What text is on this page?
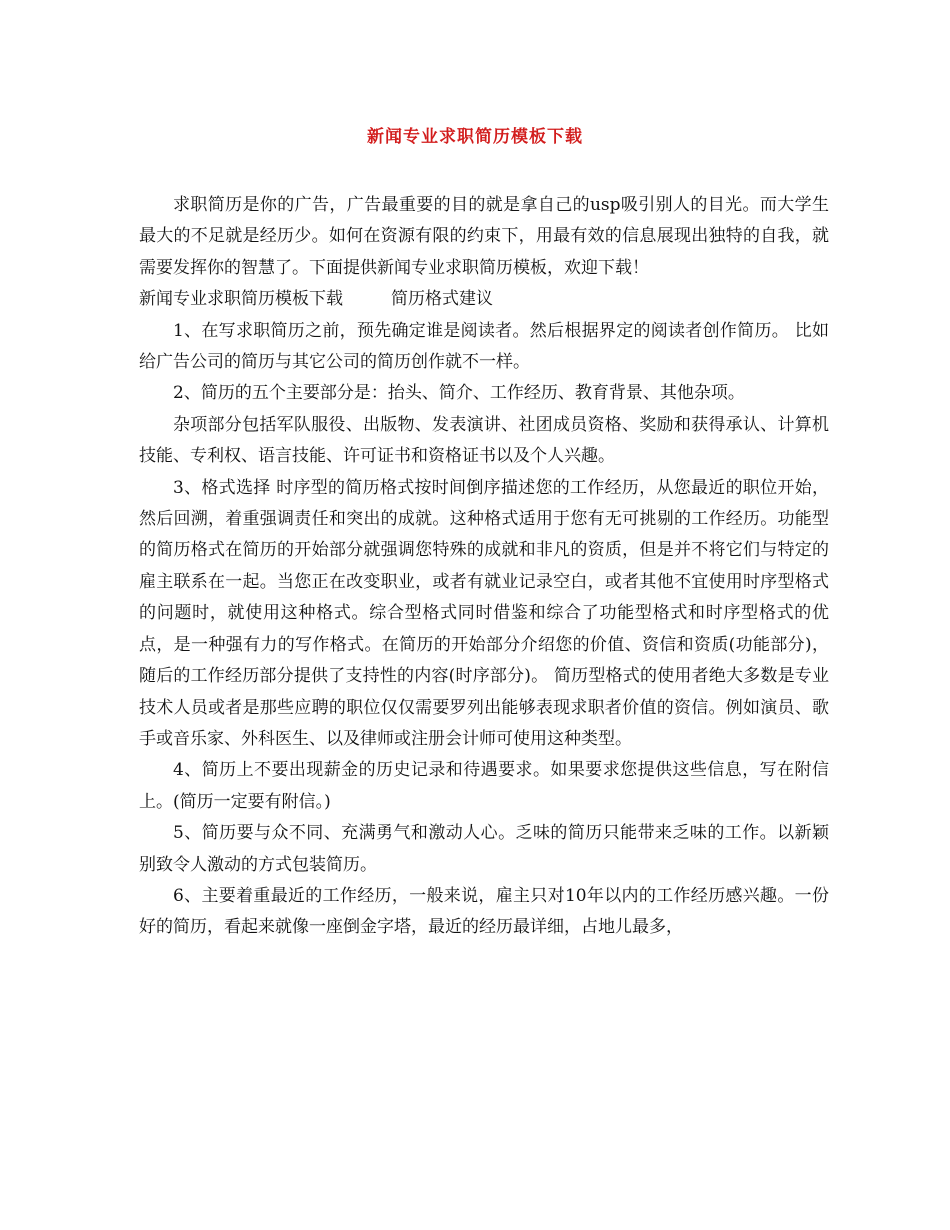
新闻专业求职简历模板下载

求职简历是你的广告，广告最重要的目的就是拿自己的usp吸引别人的目光。而大学生最大的不足就是经历少。如何在资源有限的约束下，用最有效的信息展现出独特的自我，就需要发挥你的智慧了。下面提供新闻专业求职简历模板，欢迎下载！

新闻专业求职简历模板下载	简历格式建议

1、在写求职简历之前，预先确定谁是阅读者。然后根据界定的阅读者创作简历。 比如给广告公司的简历与其它公司的简历创作就不一样。

2、简历的五个主要部分是：抬头、简介、工作经历、教育背景、其他杂项。

杂项部分包括军队服役、出版物、发表演讲、社团成员资格、奖励和获得承认、计算机技能、专利权、语言技能、许可证书和资格证书以及个人兴趣。

3、格式选择 时序型的简历格式按时间倒序描述您的工作经历，从您最近的职位开始，然后回溯，着重强调责任和突出的成就。这种格式适用于您有无可挑剔的工作经历。功能型的简历格式在简历的开始部分就强调您特殊的成就和非凡的资质，但是并不将它们与特定的雇主联系在一起。当您正在改变职业，或者有就业记录空白，或者其他不宜使用时序型格式的问题时，就使用这种格式。综合型格式同时借鉴和综合了功能型格式和时序型格式的优点，是一种强有力的写作格式。在简历的开始部分介绍您的价值、资信和资质(功能部分)，随后的工作经历部分提供了支持性的内容(时序部分)。 简历型格式的使用者绝大多数是专业技术人员或者是那些应聘的职位仅仅需要罗列出能够表现求职者价值的资信。例如演员、歌手或音乐家、外科医生、以及律师或注册会计师可使用这种类型。

4、简历上不要出现薪金的历史记录和待遇要求。如果要求您提供这些信息，写在附信上。(简历一定要有附信。)

5、简历要与众不同、充满勇气和激动人心。乏味的简历只能带来乏味的工作。以新颖别致令人激动的方式包装简历。

6、主要着重最近的工作经历，一般来说，雇主只对10年以内的工作经历感兴趣。一份好的简历，看起来就像一座倒金字塔，最近的经历最详细，占地儿最多，
